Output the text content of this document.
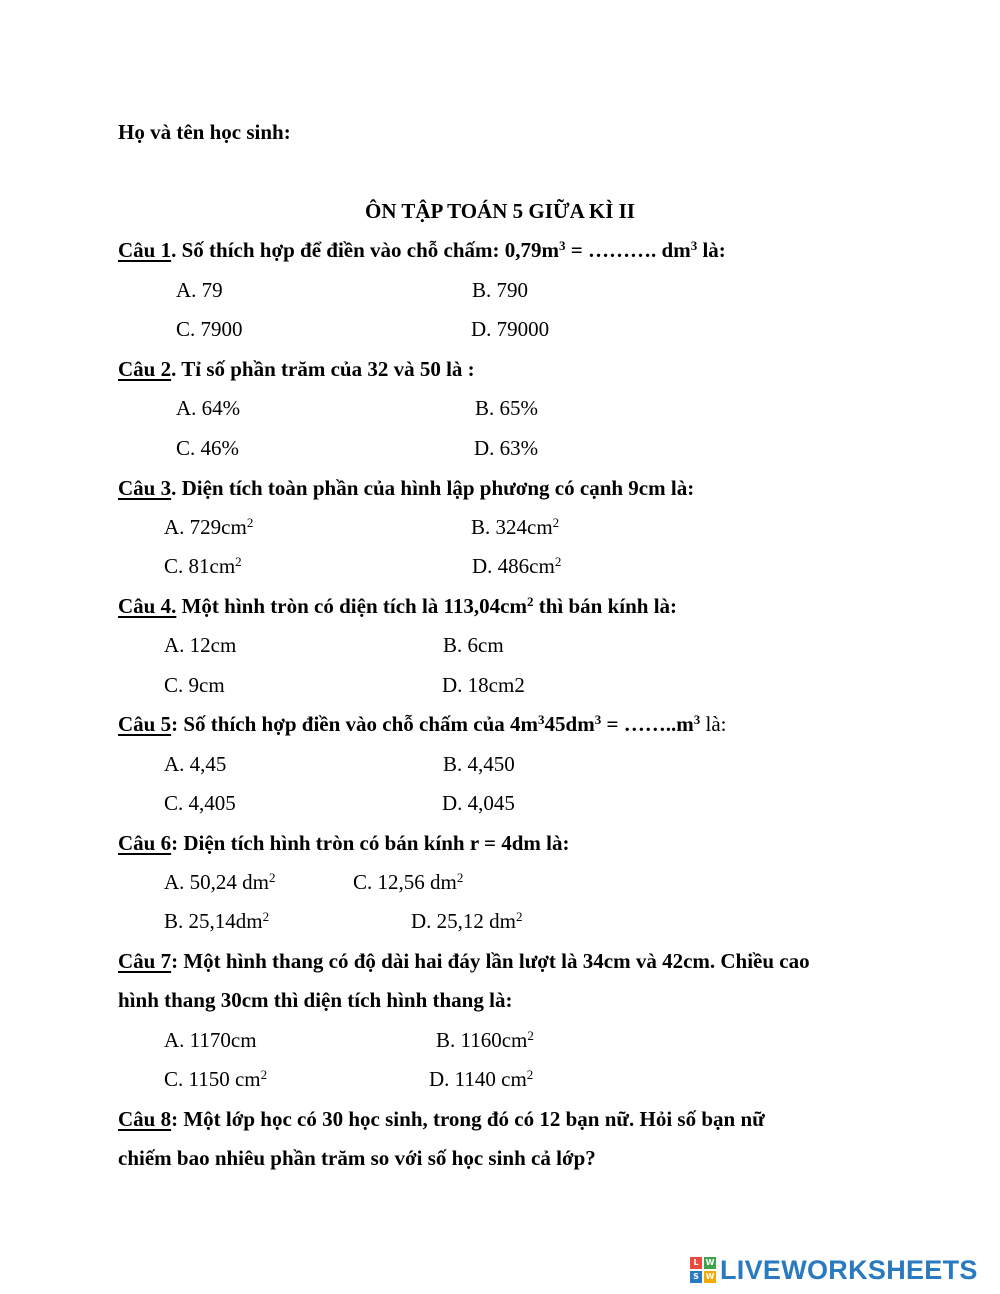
Họ và tên học sinh:
ÔN TẬP TOÁN 5 GIỮA KÌ II
Câu 1. Số thích hợp để điền vào chỗ chấm: $0,79m^3$ = ………. $dm^3$ là:
A. 79	B. 790
C. 7900	D. 79000
Câu 2. Tỉ số phần trăm của 32 và 50 là :
A. 64%	B. 65%
C. 46%	D. 63%
Câu 3. Diện tích toàn phần của hình lập phương có cạnh 9cm là:
A. $729cm^2$	B. $324cm^2$
C. $81cm^2$	D. $486cm^2$
Câu 4. Một hình tròn có diện tích là $113,04cm^2$ thì bán kính là:
A. 12cm	B. 6cm
C. 9cm	D. 18cm2
Câu 5: Số thích hợp điền vào chỗ chấm của $4m^345dm^3$ = $\dots\dots..m^3$ là:
A. 4,45	B. 4,450
C. 4,405	D. 4,045
Câu 6: Diện tích hình tròn có bán kính r = 4dm là:
A. 50,24 $dm^2$	C. 12,56 $dm^2$
B. $25,14dm^2$	D. 25,12 $dm^2$
Câu 7: Một hình thang có độ dài hai đáy lần lượt là 34cm và 42cm. Chiều cao
hình thang 30cm thì diện tích hình thang là:
A. 1170cm	B. $1160cm^2$
C. 1150 $cm^2$	D. 1140 $cm^2$
Câu 8: Một lớp học có 30 học sinh, trong đó có 12 bạn nữ. Hỏi số bạn nữ
chiếm bao nhiêu phần trăm so với số học sinh cả lớp?
L W
S W LIVEWORKSHEETS
